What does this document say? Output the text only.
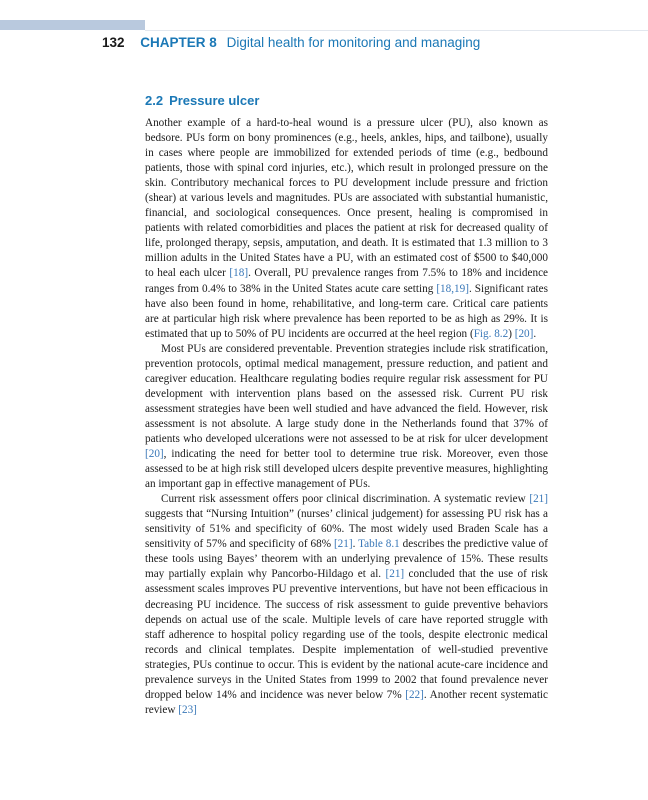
132 CHAPTER 8 Digital health for monitoring and managing
2.2 Pressure ulcer

Another example of a hard-to-heal wound is a pressure ulcer (PU), also known as bedsore. PUs form on bony prominences (e.g., heels, ankles, hips, and tailbone), usually in cases where people are immobilized for extended periods of time (e.g., bedbound patients, those with spinal cord injuries, etc.), which result in prolonged pressure on the skin. Contributory mechanical forces to PU development include pressure and friction (shear) at various levels and magnitudes. PUs are associated with substantial humanistic, financial, and sociological consequences. Once present, healing is compromised in patients with related comorbidities and places the patient at risk for decreased quality of life, prolonged therapy, sepsis, amputation, and death. It is estimated that 1.3 million to 3 million adults in the United States have a PU, with an estimated cost of $500 to $40,000 to heal each ulcer [18]. Overall, PU prevalence ranges from 7.5% to 18% and incidence ranges from 0.4% to 38% in the United States acute care setting [18,19]. Significant rates have also been found in home, rehabilitative, and long-term care. Critical care patients are at particular high risk where prevalence has been reported to be as high as 29%. It is estimated that up to 50% of PU incidents are occurred at the heel region (Fig. 8.2) [20].

Most PUs are considered preventable. Prevention strategies include risk stratification, prevention protocols, optimal medical management, pressure reduction, and patient and caregiver education. Healthcare regulating bodies require regular risk assessment for PU development with intervention plans based on the assessed risk. Current PU risk assessment strategies have been well studied and have advanced the field. However, risk assessment is not absolute. A large study done in the Netherlands found that 37% of patients who developed ulcerations were not assessed to be at risk for ulcer development [20], indicating the need for better tool to determine true risk. Moreover, even those assessed to be at high risk still developed ulcers despite preventive measures, highlighting an important gap in effective management of PUs.

Current risk assessment offers poor clinical discrimination. A systematic review [21] suggests that “Nursing Intuition” (nurses’ clinical judgement) for assessing PU risk has a sensitivity of 51% and specificity of 60%. The most widely used Braden Scale has a sensitivity of 57% and specificity of 68% [21]. Table 8.1 describes the predictive value of these tools using Bayes’ theorem with an underlying prevalence of 15%. These results may partially explain why Pancorbo-Hildago et al. [21] concluded that the use of risk assessment scales improves PU preventive interventions, but have not been efficacious in decreasing PU incidence. The success of risk assessment to guide preventive behaviors depends on actual use of the scale. Multiple levels of care have reported struggle with staff adherence to hospital policy regarding use of the tools, despite electronic medical records and clinical templates. Despite implementation of well-studied preventive strategies, PUs continue to occur. This is evident by the national acute-care incidence and prevalence surveys in the United States from 1999 to 2002 that found prevalence never dropped below 14% and incidence was never below 7% [22]. Another recent systematic review [23]
